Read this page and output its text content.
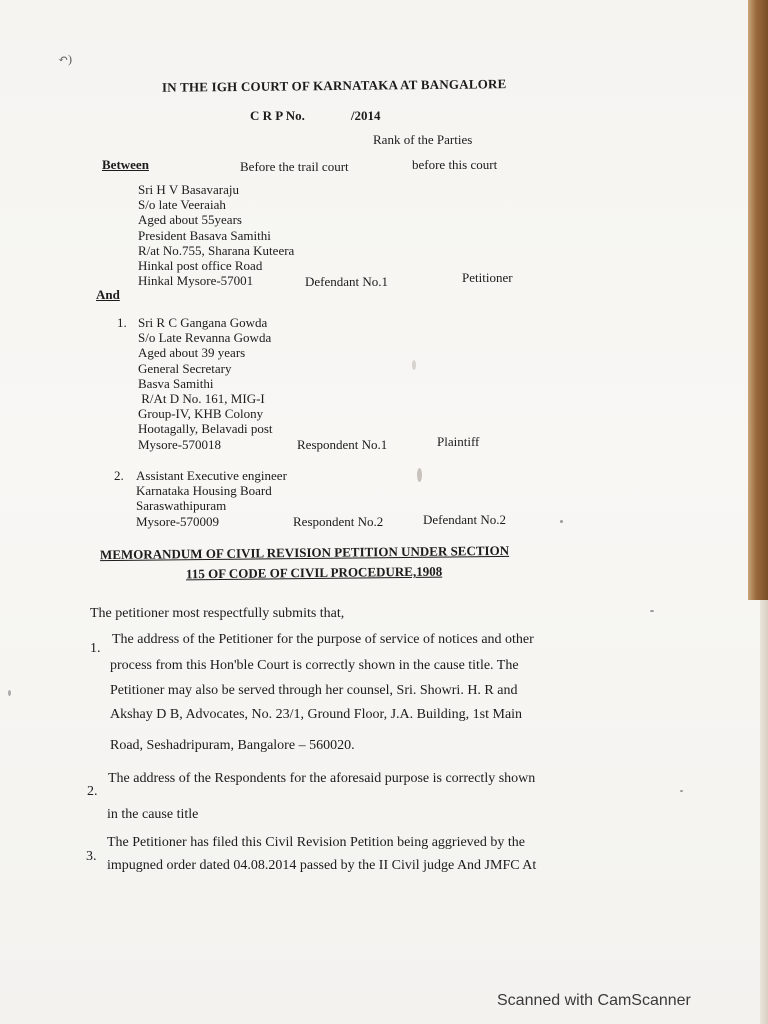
↶)
IN THE IGH COURT OF KARNATAKA AT BANGALORE
C R P No.	/2014
Rank of the Parties
Between	Before the trail court	before this court
Sri H V Basavaraju
S/o late Veeraiah
Aged about 55years
President Basava Samithi
R/at No.755, Sharana Kuteera
Hinkal post office Road
Hinkal Mysore-57001	Defendant No.1	Petitioner
And
1. Sri R C Gangana Gowda
S/o Late Revanna Gowda
Aged about 39 years
General Secretary
Basva Samithi
R/At D No. 161, MIG-I
Group-IV, KHB Colony
Hootagally, Belavadi post
Mysore-570018	Respondent No.1	Plaintiff
2. Assistant Executive engineer
Karnataka Housing Board
Saraswathipuram
Mysore-570009	Respondent No.2	Defendant No.2
MEMORANDUM OF CIVIL REVISION PETITION UNDER SECTION
115 OF CODE OF CIVIL PROCEDURE,1908
The petitioner most respectfully submits that,
1.
The address of the Petitioner for the purpose of service of notices and other
process from this Hon'ble Court is correctly shown in the cause title. The
Petitioner may also be served through her counsel, Sri. Showri. H. R and
Akshay D B, Advocates, No. 23/1, Ground Floor, J.A. Building, 1st Main
Road, Seshadripuram, Bangalore – 560020.
2.
The address of the Respondents for the aforesaid purpose is correctly shown
in the cause title
3.
The Petitioner has filed this Civil Revision Petition being aggrieved by the
impugned order dated 04.08.2014 passed by the II Civil judge And JMFC At
Scanned with CamScanner
